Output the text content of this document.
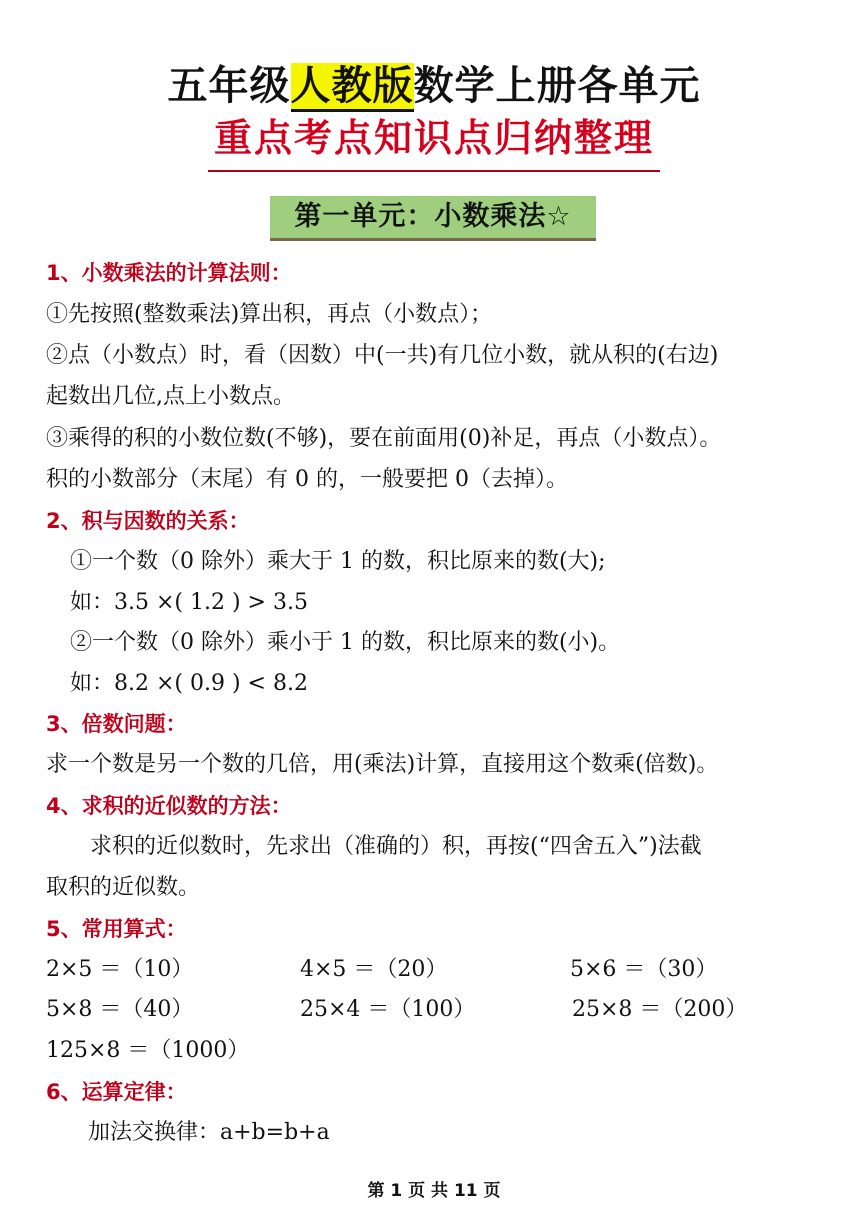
五年级人教版数学上册各单元
重点考点知识点归纳整理
第一单元：小数乘法☆
1、小数乘法的计算法则：
①先按照(整数乘法)算出积，再点（小数点）；
②点（小数点）时，看（因数）中(一共)有几位小数，就从积的(右边)
起数出几位,点上小数点。
③乘得的积的小数位数(不够)，要在前面用(0)补足，再点（小数点）。
积的小数部分（末尾）有 0 的，一般要把 0（去掉）。
2、积与因数的关系：
①一个数（0 除外）乘大于 1 的数，积比原来的数(大);
如：3.5 ×( 1.2 ) > 3.5
②一个数（0 除外）乘小于 1 的数，积比原来的数(小)。
如：8.2 ×( 0.9 ) < 8.2
3、倍数问题：
求一个数是另一个数的几倍，用(乘法)计算，直接用这个数乘(倍数)。
4、求积的近似数的方法：
求积的近似数时，先求出（准确的）积，再按(“四舍五入”)法截
取积的近似数。
5、常用算式：
2×5 ＝（10）	4×5 ＝（20）	5×6 ＝（30）
5×8 ＝（40）	25×4 ＝（100）	25×8 ＝（200）
125×8 ＝（1000）
6、运算定律：
加法交换律：a+b=b+a
第 1 页 共 11 页
